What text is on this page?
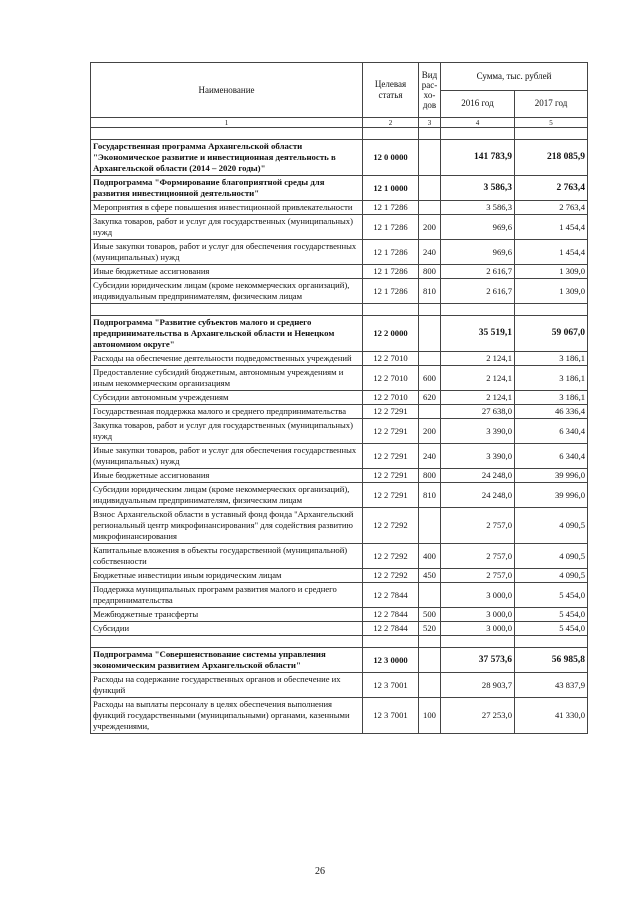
Наименование	Целевая статья	Вид рас-хо-дов	Сумма, тыс. рублей	
			2016 год	2017 год
1	2	3	4	5

Государственная программа Архангельской области "Экономическое развитие и инвестиционная деятельность в Архангельской области (2014 – 2020 годы)"	12 0 0000		141 783,9	218 085,9
Подпрограмма "Формирование благоприятной среды для развития инвестиционной деятельности"	12 1 0000		3 586,3	2 763,4
Мероприятия в сфере повышения инвестиционной привлекательности	12 1 7286		3 586,3	2 763,4
Закупка товаров, работ и услуг для государственных (муниципальных) нужд	12 1 7286	200	969,6	1 454,4
Иные закупки товаров, работ и услуг для обеспечения государственных (муниципальных) нужд	12 1 7286	240	969,6	1 454,4
Иные бюджетные ассигнования	12 1 7286	800	2 616,7	1 309,0
Субсидии юридическим лицам (кроме некоммерческих организаций), индивидуальным предпринимателям, физическим лицам	12 1 7286	810	2 616,7	1 309,0

Подпрограмма "Развитие субъектов малого и среднего предпринимательства в Архангельской области и Ненецком автономном округе"	12 2 0000		35 519,1	59 067,0
Расходы на обеспечение деятельности подведомственных учреждений	12 2 7010		2 124,1	3 186,1
Предоставление субсидий бюджетным, автономным учреждениям и иным некоммерческим организациям	12 2 7010	600	2 124,1	3 186,1
Субсидии автономным учреждениям	12 2 7010	620	2 124,1	3 186,1
Государственная поддержка малого и среднего предпринимательства	12 2 7291		27 638,0	46 336,4
Закупка товаров, работ и услуг для государственных (муниципальных) нужд	12 2 7291	200	3 390,0	6 340,4
Иные закупки товаров, работ и услуг для обеспечения государственных (муниципальных) нужд	12 2 7291	240	3 390,0	6 340,4
Иные бюджетные ассигнования	12 2 7291	800	24 248,0	39 996,0
Субсидии юридическим лицам (кроме некоммерческих организаций), индивидуальным предпринимателям, физическим лицам	12 2 7291	810	24 248,0	39 996,0
Взнос Архангельской области в уставный фонд фонда "Архангельский региональный центр микрофинансирования" для содействия развитию микрофинансирования	12 2 7292		2 757,0	4 090,5
Капитальные вложения в объекты государственной (муниципальной) собственности	12 2 7292	400	2 757,0	4 090,5
Бюджетные инвестиции иным юридическим лицам	12 2 7292	450	2 757,0	4 090,5
Поддержка муниципальных программ развития малого и среднего предпринимательства	12 2 7844		3 000,0	5 454,0
Межбюджетные трансферты	12 2 7844	500	3 000,0	5 454,0
Субсидии	12 2 7844	520	3 000,0	5 454,0

Подпрограмма "Совершенствование системы управления экономическим развитием Архангельской области"	12 3 0000		37 573,6	56 985,8
Расходы на содержание государственных органов и обеспечение их функций	12 3 7001		28 903,7	43 837,9
Расходы на выплаты персоналу в целях обеспечения выполнения функций государственными (муниципальными) органами, казенными учреждениями,	12 3 7001	100	27 253,0	41 330,0
26
